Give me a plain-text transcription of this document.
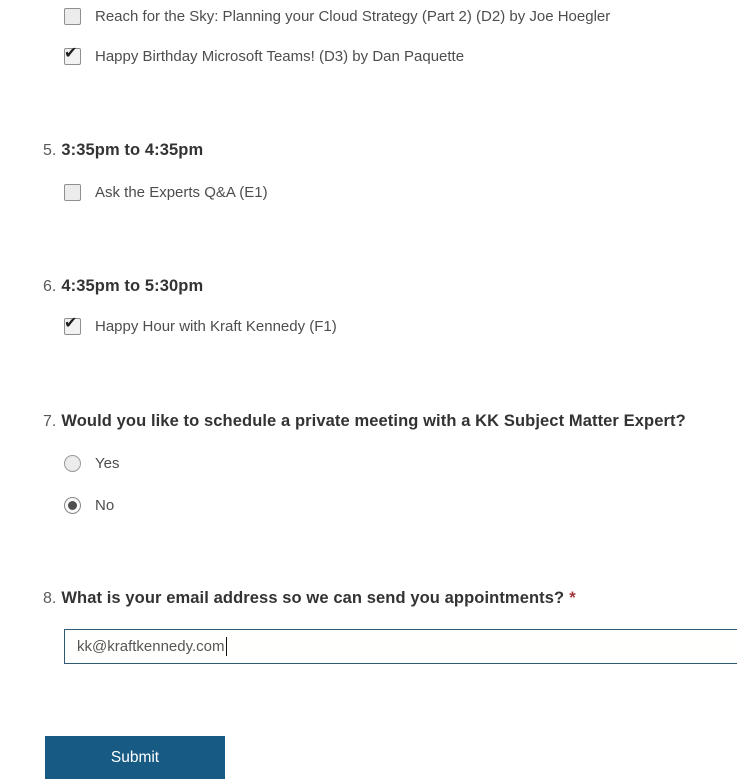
Reach for the Sky: Planning your Cloud Strategy (Part 2) (D2) by Joe Hoegler
✔ Happy Birthday Microsoft Teams! (D3) by Dan Paquette
5. 3:35pm to 4:35pm
Ask the Experts Q&A (E1)
6. 4:35pm to 5:30pm
✔ Happy Hour with Kraft Kennedy (F1)
7. Would you like to schedule a private meeting with a KK Subject Matter Expert?
Yes
No
8. What is your email address so we can send you appointments? *
kk@kraftkennedy.com
Submit
